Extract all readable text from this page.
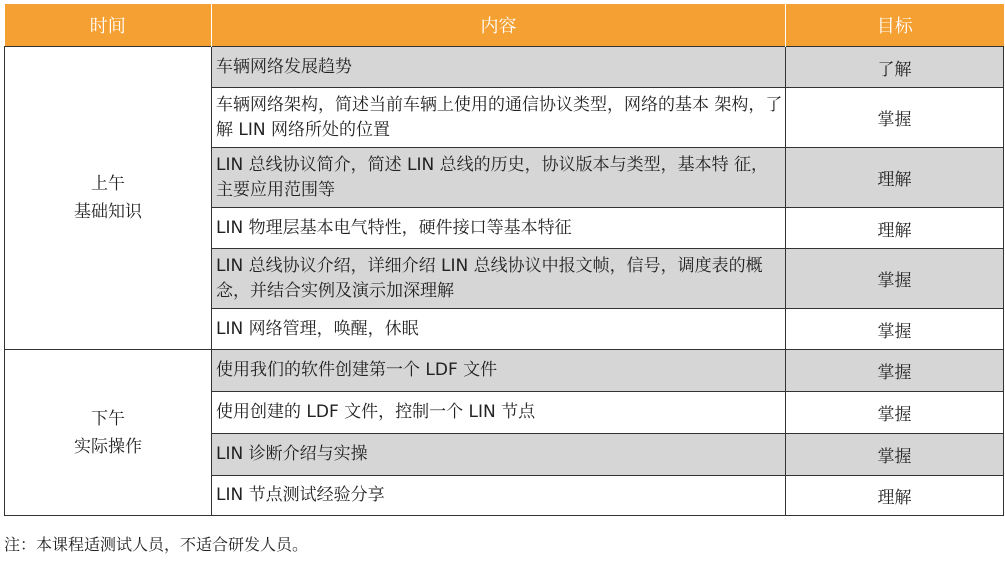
时间	内容	目标

上午
基础知识	车辆网络发展趋势	了解
	车辆网络架构，简述当前车辆上使用的通信协议类型，网络的基本 架构，了解 LIN 网络所处的位置	掌握
	LIN 总线协议简介，简述 LIN 总线的历史，协议版本与类型，基本特 征，主要应用范围等	理解
	LIN 物理层基本电气特性，硬件接口等基本特征	理解
	LIN 总线协议介绍，详细介绍 LIN 总线协议中报文帧，信号，调度表的概念，并结合实例及演示加深理解	掌握
	LIN 网络管理，唤醒，休眠	掌握

下午
实际操作	使用我们的软件创建第一个 LDF 文件	掌握
	使用创建的 LDF 文件，控制一个 LIN 节点	掌握
	LIN 诊断介绍与实操	掌握
	LIN 节点测试经验分享	理解
注：本课程适测试人员，不适合研发人员。
